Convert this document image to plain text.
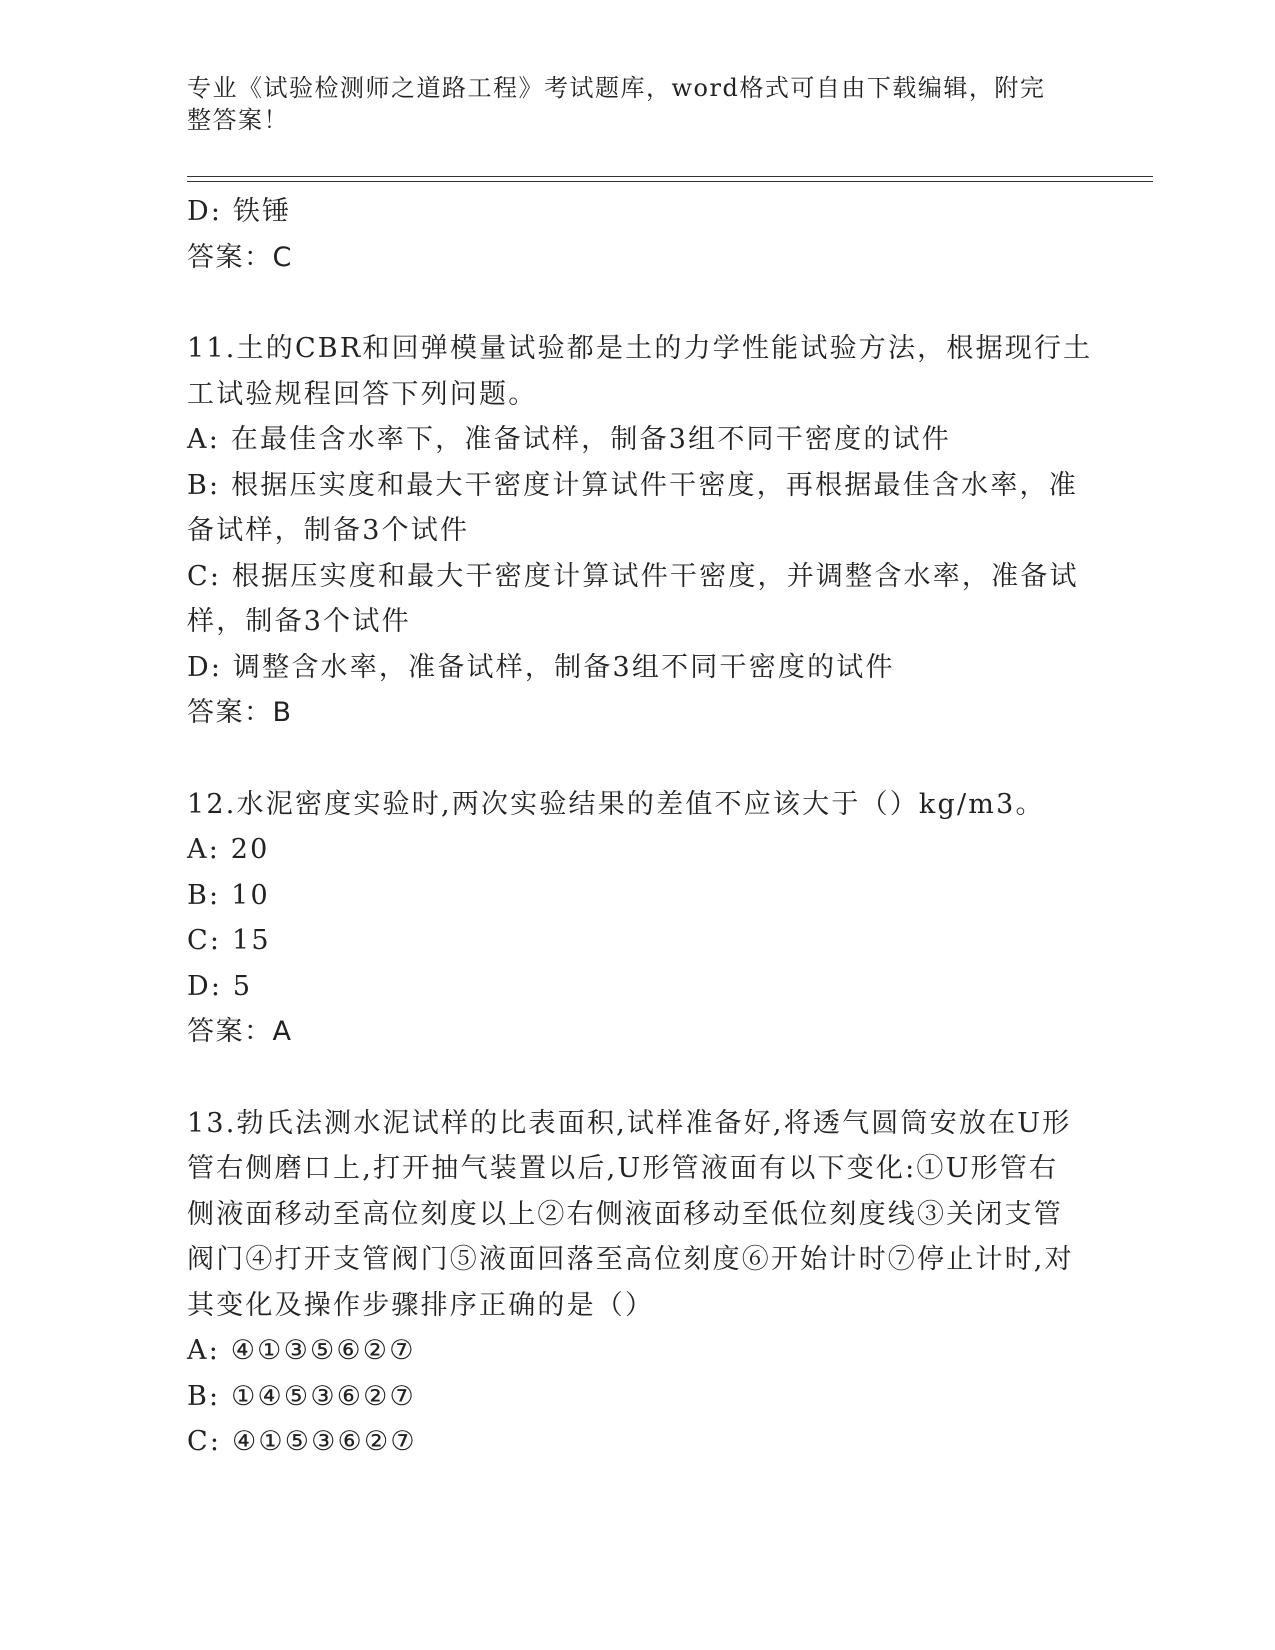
专业《试验检测师之道路工程》考试题库，word格式可自由下载编辑，附完整答案！

D: 铁锤

答案：C

11.土的CBR和回弹模量试验都是土的力学性能试验方法，根据现行土

工试验规程回答下列问题。

A: 在最佳含水率下，准备试样，制备3组不同干密度的试件

B: 根据压实度和最大干密度计算试件干密度，再根据最佳含水率，准

备试样，制备3个试件

C: 根据压实度和最大干密度计算试件干密度，并调整含水率，准备试

样，制备3个试件

D: 调整含水率，准备试样，制备3组不同干密度的试件

答案：B

12.水泥密度实验时,两次实验结果的差值不应该大于（）kg/m3。

A: 20

B: 10

C: 15

D: 5

答案：A

13.勃氏法测水泥试样的比表面积,试样准备好,将透气圆筒安放在U形

管右侧磨口上,打开抽气装置以后,U形管液面有以下变化:①U形管右

侧液面移动至高位刻度以上②右侧液面移动至低位刻度线③关闭支管

阀门④打开支管阀门⑤液面回落至高位刻度⑥开始计时⑦停止计时,对

其变化及操作步骤排序正确的是（）

A: ④①③⑤⑥②⑦

B: ①④⑤③⑥②⑦

C: ④①⑤③⑥②⑦
